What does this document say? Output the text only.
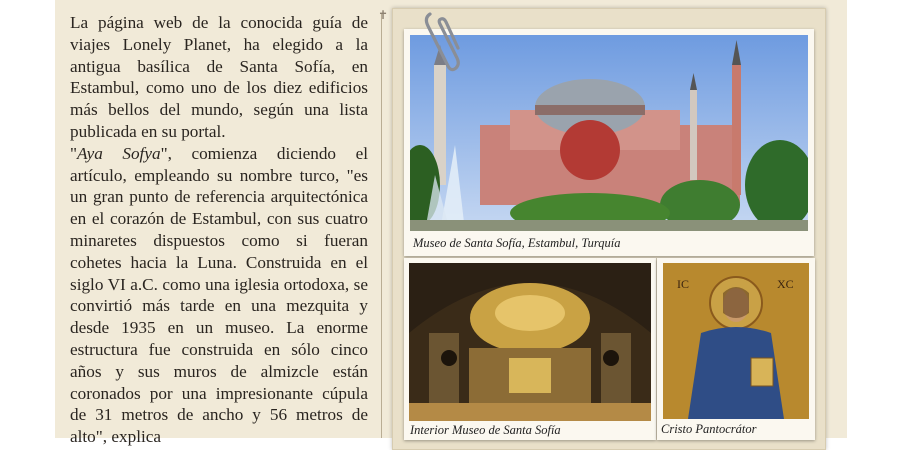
La página web de la conocida guía de viajes Lonely Planet, ha elegido a la antigua basílica de Santa Sofía, en Estambul, como uno de los diez edificios más bellos del mundo, según una lista publicada en su portal.

"Aya Sofya", comienza diciendo el artículo, empleando su nombre turco, "es un gran punto de referencia arquitectónica en el corazón de Estambul, con sus cuatro minaretes dispuestos como si fueran cohetes hacia la Luna. Construida en el siglo VI a.C. como una iglesia ortodoxa, se convirtió más tarde en una mezquita y desde 1935 en un museo. La enorme estructura fue construida en sólo cinco años y sus muros de almizcle están coronados por una impresionante cúpula de 31 metros de ancho y 56 metros de alto", explica

✝
Museo de Santa Sofía, Estambul, Turquía
Interior Museo de Santa Sofía
IC	XC
Cristo Pantocrátor
